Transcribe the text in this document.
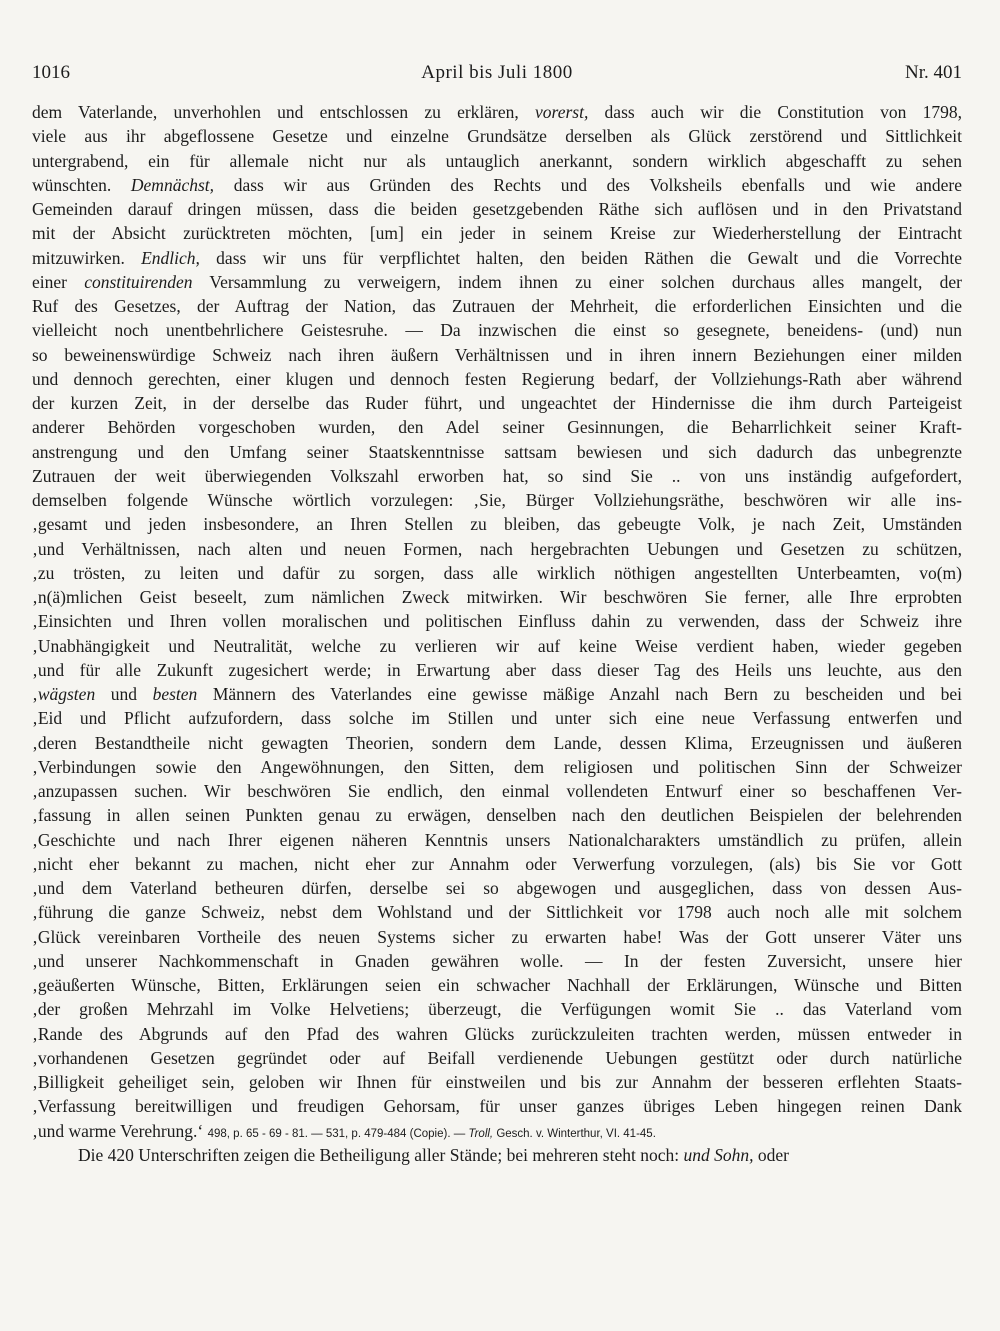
1016	April bis Juli 1800	Nr. 401
dem Vaterlande, unverhohlen und entschlossen zu erklären, vorerst, dass auch wir die Constitution von 1798,
viele aus ihr abgeflossene Gesetze und einzelne Grundsätze derselben als Glück zerstörend und Sittlichkeit
untergrabend, ein für allemale nicht nur als untauglich anerkannt, sondern wirklich abgeschafft zu sehen
wünschten. Demnächst, dass wir aus Gründen des Rechts und des Volksheils ebenfalls und wie andere
Gemeinden darauf dringen müssen, dass die beiden gesetzgebenden Räthe sich auflösen und in den Privatstand
mit der Absicht zurücktreten möchten, [um] ein jeder in seinem Kreise zur Wiederherstellung der Eintracht
mitzuwirken. Endlich, dass wir uns für verpflichtet halten, den beiden Räthen die Gewalt und die Vorrechte
einer constituirenden Versammlung zu verweigern, indem ihnen zu einer solchen durchaus alles mangelt, der
Ruf des Gesetzes, der Auftrag der Nation, das Zutrauen der Mehrheit, die erforderlichen Einsichten und die
vielleicht noch unentbehrlichere Geistesruhe. — Da inzwischen die einst so gesegnete, beneidens- (und) nun
so beweinenswürdige Schweiz nach ihren äußern Verhältnissen und in ihren innern Beziehungen einer milden
und dennoch gerechten, einer klugen und dennoch festen Regierung bedarf, der Vollziehungs-Rath aber während
der kurzen Zeit, in der derselbe das Ruder führt, und ungeachtet der Hindernisse die ihm durch Parteigeist
anderer Behörden vorgeschoben wurden, den Adel seiner Gesinnungen, die Beharrlichkeit seiner Kraft-
anstrengung und den Umfang seiner Staatskenntnisse sattsam bewiesen und sich dadurch das unbegrenzte
Zutrauen der weit überwiegenden Volkszahl erworben hat, so sind Sie .. von uns inständig aufgefordert,
demselben folgende Wünsche wörtlich vorzulegen: ‚Sie, Bürger Vollziehungsräthe, beschwören wir alle ins-
‚gesamt und jeden insbesondere, an Ihren Stellen zu bleiben, das gebeugte Volk, je nach Zeit, Umständen
‚und Verhältnissen, nach alten und neuen Formen, nach hergebrachten Uebungen und Gesetzen zu schützen,
‚zu trösten, zu leiten und dafür zu sorgen, dass alle wirklich nöthigen angestellten Unterbeamten, vo(m)
‚n(ä)mlichen Geist beseelt, zum nämlichen Zweck mitwirken. Wir beschwören Sie ferner, alle Ihre erprobten
‚Einsichten und Ihren vollen moralischen und politischen Einfluss dahin zu verwenden, dass der Schweiz ihre
‚Unabhängigkeit und Neutralität, welche zu verlieren wir auf keine Weise verdient haben, wieder gegeben
‚und für alle Zukunft zugesichert werde; in Erwartung aber dass dieser Tag des Heils uns leuchte, aus den
‚wägsten und besten Männern des Vaterlandes eine gewisse mäßige Anzahl nach Bern zu bescheiden und bei
‚Eid und Pflicht aufzufordern, dass solche im Stillen und unter sich eine neue Verfassung entwerfen und
‚deren Bestandtheile nicht gewagten Theorien, sondern dem Lande, dessen Klima, Erzeugnissen und äußeren
‚Verbindungen sowie den Angewöhnungen, den Sitten, dem religiosen und politischen Sinn der Schweizer
‚anzupassen suchen. Wir beschwören Sie endlich, den einmal vollendeten Entwurf einer so beschaffenen Ver-
‚fassung in allen seinen Punkten genau zu erwägen, denselben nach den deutlichen Beispielen der belehrenden
‚Geschichte und nach Ihrer eigenen näheren Kenntnis unsers Nationalcharakters umständlich zu prüfen, allein
‚nicht eher bekannt zu machen, nicht eher zur Annahm oder Verwerfung vorzulegen, (als) bis Sie vor Gott
‚und dem Vaterland betheuren dürfen, derselbe sei so abgewogen und ausgeglichen, dass von dessen Aus-
‚führung die ganze Schweiz, nebst dem Wohlstand und der Sittlichkeit vor 1798 auch noch alle mit solchem
‚Glück vereinbaren Vortheile des neuen Systems sicher zu erwarten habe! Was der Gott unserer Väter uns
‚und unserer Nachkommenschaft in Gnaden gewähren wolle. — In der festen Zuversicht, unsere hier
‚geäußerten Wünsche, Bitten, Erklärungen seien ein schwacher Nachhall der Erklärungen, Wünsche und Bitten
‚der großen Mehrzahl im Volke Helvetiens; überzeugt, die Verfügungen womit Sie .. das Vaterland vom
‚Rande des Abgrunds auf den Pfad des wahren Glücks zurückzuleiten trachten werden, müssen entweder in
‚vorhandenen Gesetzen gegründet oder auf Beifall verdienende Uebungen gestützt oder durch natürliche
‚Billigkeit geheiliget sein, geloben wir Ihnen für einstweilen und bis zur Annahm der besseren erflehten Staats-
‚Verfassung bereitwilligen und freudigen Gehorsam, für unser ganzes übriges Leben hingegen reinen Dank
‚und warme Verehrung.‘ 498, p. 65 - 69 - 81. — 531, p. 479-484 (Copie). — Troll, Gesch. v. Winterthur, VI. 41-45.
Die 420 Unterschriften zeigen die Betheiligung aller Stände; bei mehreren steht noch: und Sohn, oder
